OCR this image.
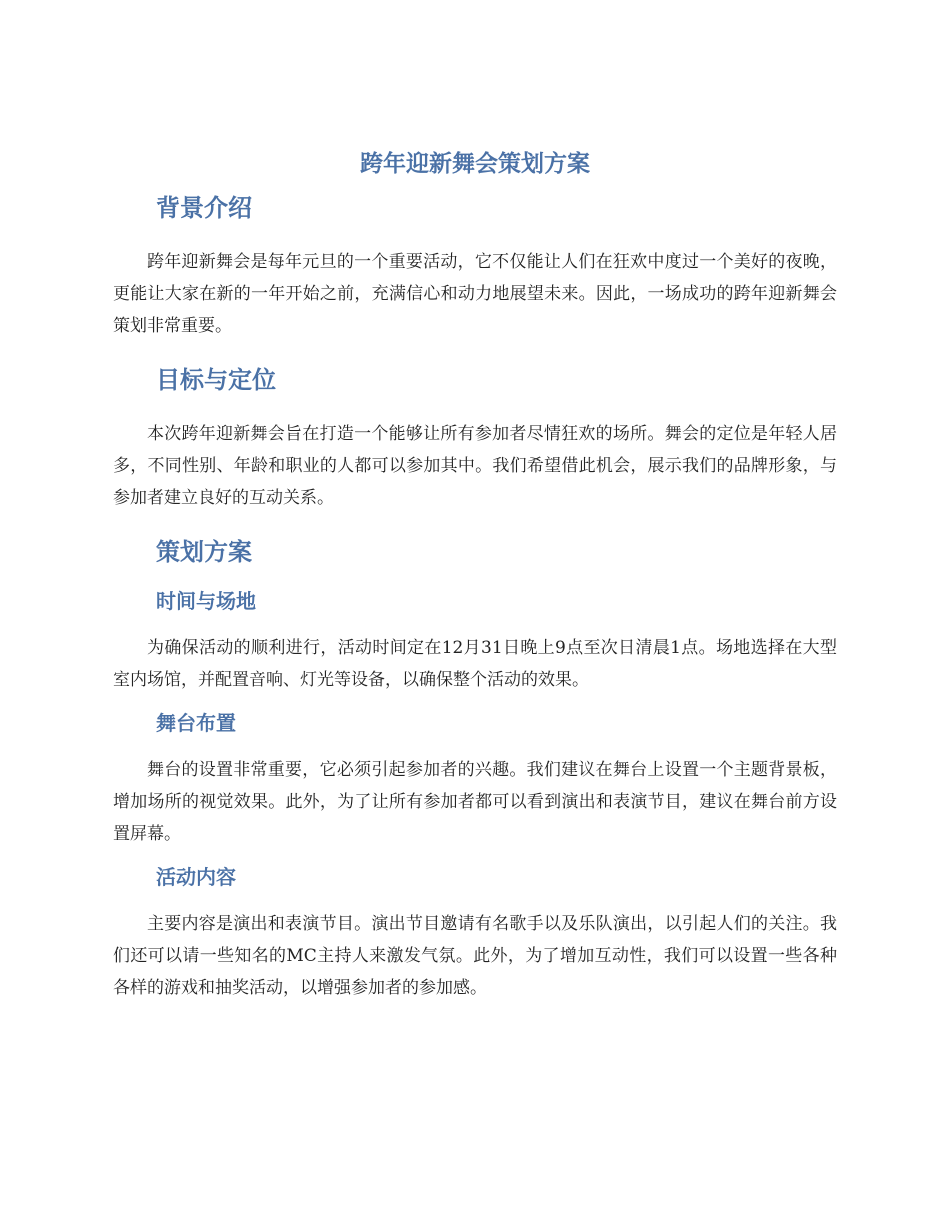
跨年迎新舞会策划方案
背景介绍

跨年迎新舞会是每年元旦的一个重要活动，它不仅能让人们在狂欢中度过一个美好的夜晚，更能让大家在新的一年开始之前，充满信心和动力地展望未来。因此，一场成功的跨年迎新舞会策划非常重要。

目标与定位

本次跨年迎新舞会旨在打造一个能够让所有参加者尽情狂欢的场所。舞会的定位是年轻人居多，不同性别、年龄和职业的人都可以参加其中。我们希望借此机会，展示我们的品牌形象，与参加者建立良好的互动关系。

策划方案
时间与场地

为确保活动的顺利进行，活动时间定在12月31日晚上9点至次日清晨1点。场地选择在大型室内场馆，并配置音响、灯光等设备，以确保整个活动的效果。

舞台布置

舞台的设置非常重要，它必须引起参加者的兴趣。我们建议在舞台上设置一个主题背景板，增加场所的视觉效果。此外，为了让所有参加者都可以看到演出和表演节目，建议在舞台前方设置屏幕。

活动内容

主要内容是演出和表演节目。演出节目邀请有名歌手以及乐队演出，以引起人们的关注。我们还可以请一些知名的MC主持人来激发气氛。此外，为了增加互动性，我们可以设置一些各种各样的游戏和抽奖活动，以增强参加者的参加感。
